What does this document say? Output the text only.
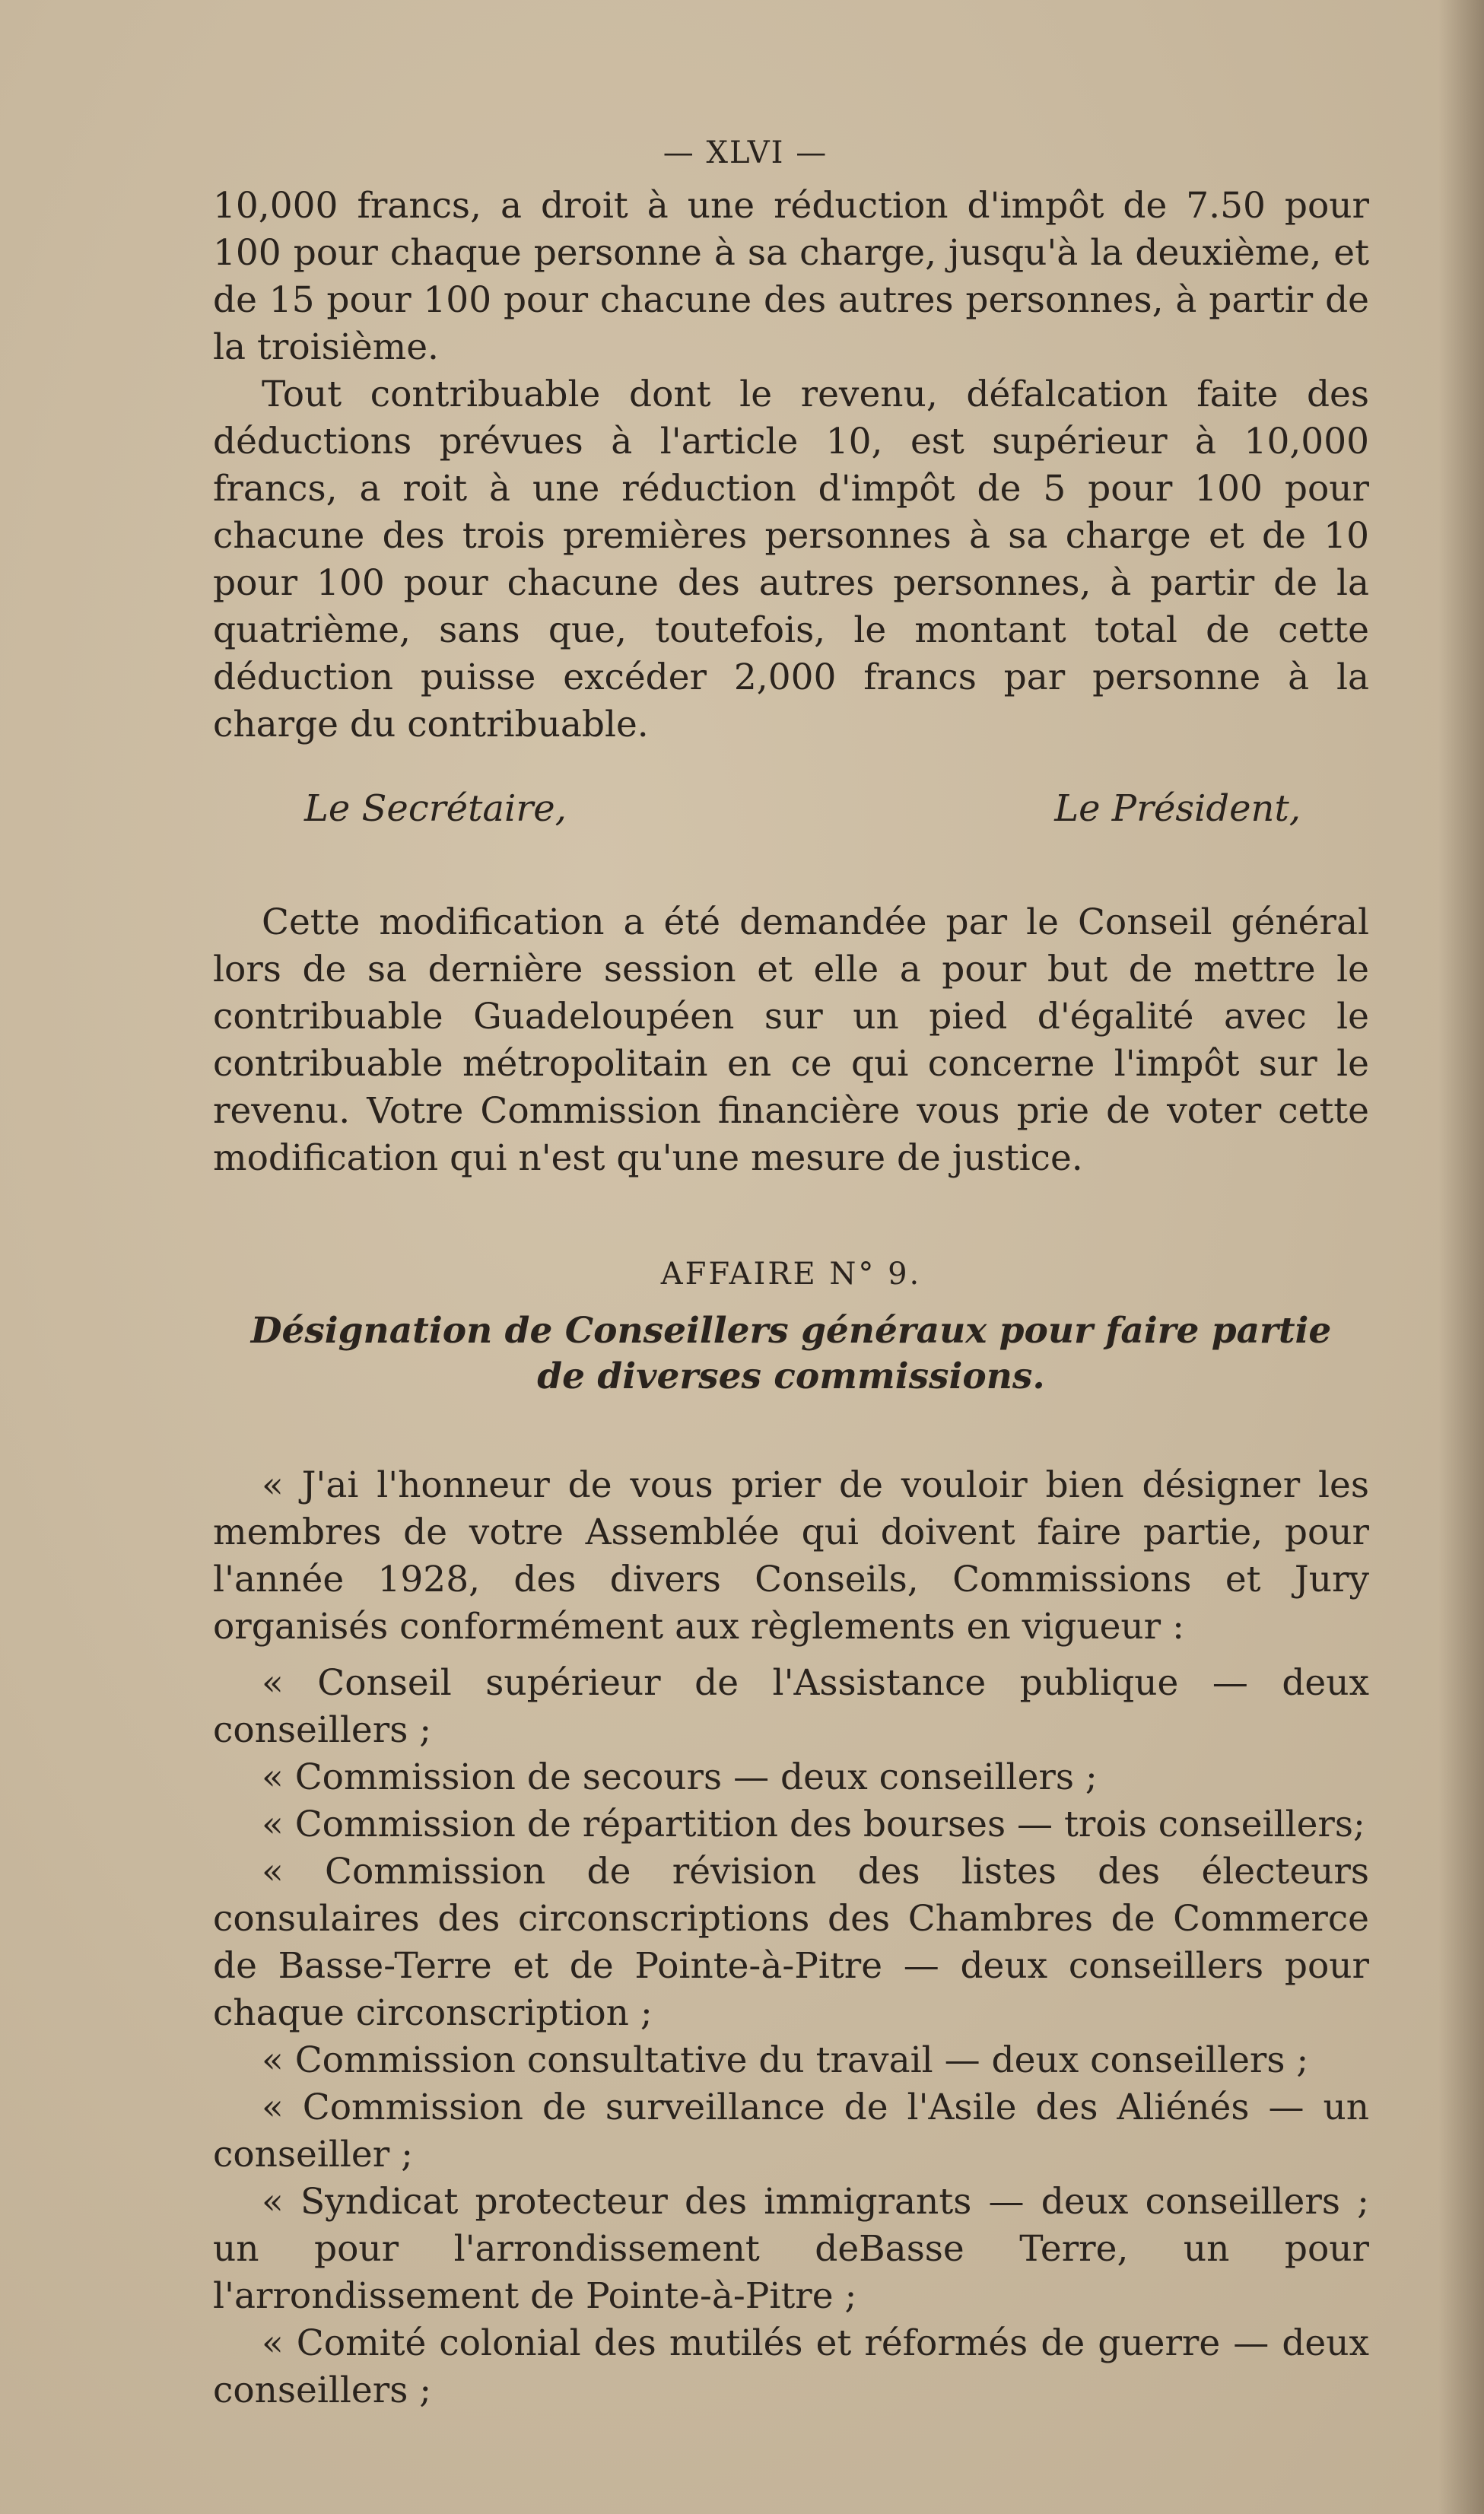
— XLVI —

10,000 francs, a droit à une réduction d'impôt de 7.50 pour 100 pour chaque personne à sa charge, jusqu'à la deuxième, et de 15 pour 100 pour chacune des autres personnes, à partir de la troisième.

Tout contribuable dont le revenu, défalcation faite des déductions prévues à l'article 10, est supérieur à 10,000 francs, a roit à une réduction d'impôt de 5 pour 100 pour chacune des trois premières personnes à sa charge et de 10 pour 100 pour chacune des autres personnes, à partir de la quatrième, sans que, toutefois, le montant total de cette déduction puisse excéder 2,000 francs par personne à la charge du contribuable.

Le Secrétaire,	Le Président,

Cette modification a été demandée par le Conseil général lors de sa dernière session et elle a pour but de mettre le contribuable Guadeloupéen sur un pied d'égalité avec le contribuable métropolitain en ce qui concerne l'impôt sur le revenu. Votre Commission financière vous prie de voter cette modification qui n'est qu'une mesure de justice.

AFFAIRE N° 9.

Désignation de Conseillers généraux pour faire partie
de diverses commissions.

« J'ai l'honneur de vous prier de vouloir bien désigner les membres de votre Assemblée qui doivent faire partie, pour l'année 1928, des divers Conseils, Commissions et Jury organisés conformément aux règlements en vigueur :

« Conseil supérieur de l'Assistance publique — deux conseillers ;

« Commission de secours — deux conseillers ;

« Commission de répartition des bourses — trois conseillers;

« Commission de révision des listes des électeurs consulaires des circonscriptions des Chambres de Commerce de Basse-Terre et de Pointe-à-Pitre — deux conseillers pour chaque circonscription ;

« Commission consultative du travail — deux conseillers ;

« Commission de surveillance de l'Asile des Aliénés — un conseiller ;

« Syndicat protecteur des immigrants — deux conseillers ; un pour l'arrondissement deBasse Terre, un pour l'arrondissement de Pointe-à-Pitre ;

« Comité colonial des mutilés et réformés de guerre — deux conseillers ;
